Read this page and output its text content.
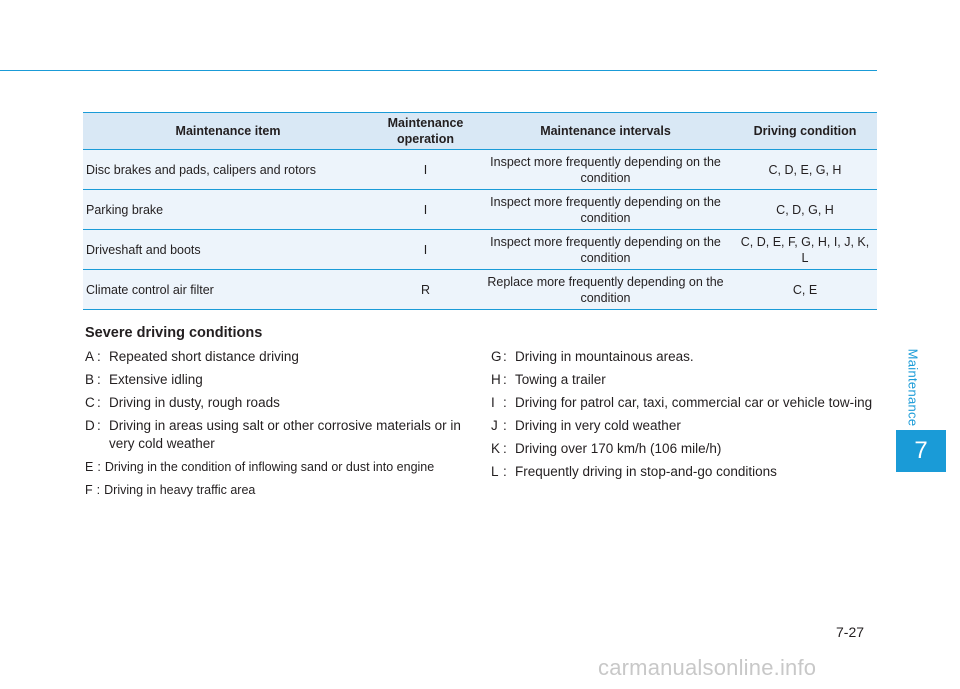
Maintenance item	Maintenance operation	Maintenance intervals	Driving condition
Disc brakes and pads, calipers and rotors	I	Inspect more frequently depending on the condition	C, D, E, G, H
Parking brake	I	Inspect more frequently depending on the condition	C, D, G, H
Driveshaft and boots	I	Inspect more frequently depending on the condition	C, D, E, F, G, H, I, J, K, L
Climate control air filter	R	Replace more frequently depending on the condition	C, E
Severe driving conditions
A : Repeated short distance driving
B : Extensive idling
C : Driving in dusty, rough roads
D : Driving in areas using salt or other corrosive materials or in very cold weather
E : Driving in the condition of inflowing sand or dust into engine
F : Driving in heavy traffic area
G : Driving in mountainous areas.
H : Towing a trailer
I : Driving for patrol car, taxi, commercial car or vehicle tow-ing
J : Driving in very cold weather
K : Driving over 170 km/h (106 mile/h)
L : Frequently driving in stop-and-go conditions
Maintenance
7
7-27
carmanualsonline.info
